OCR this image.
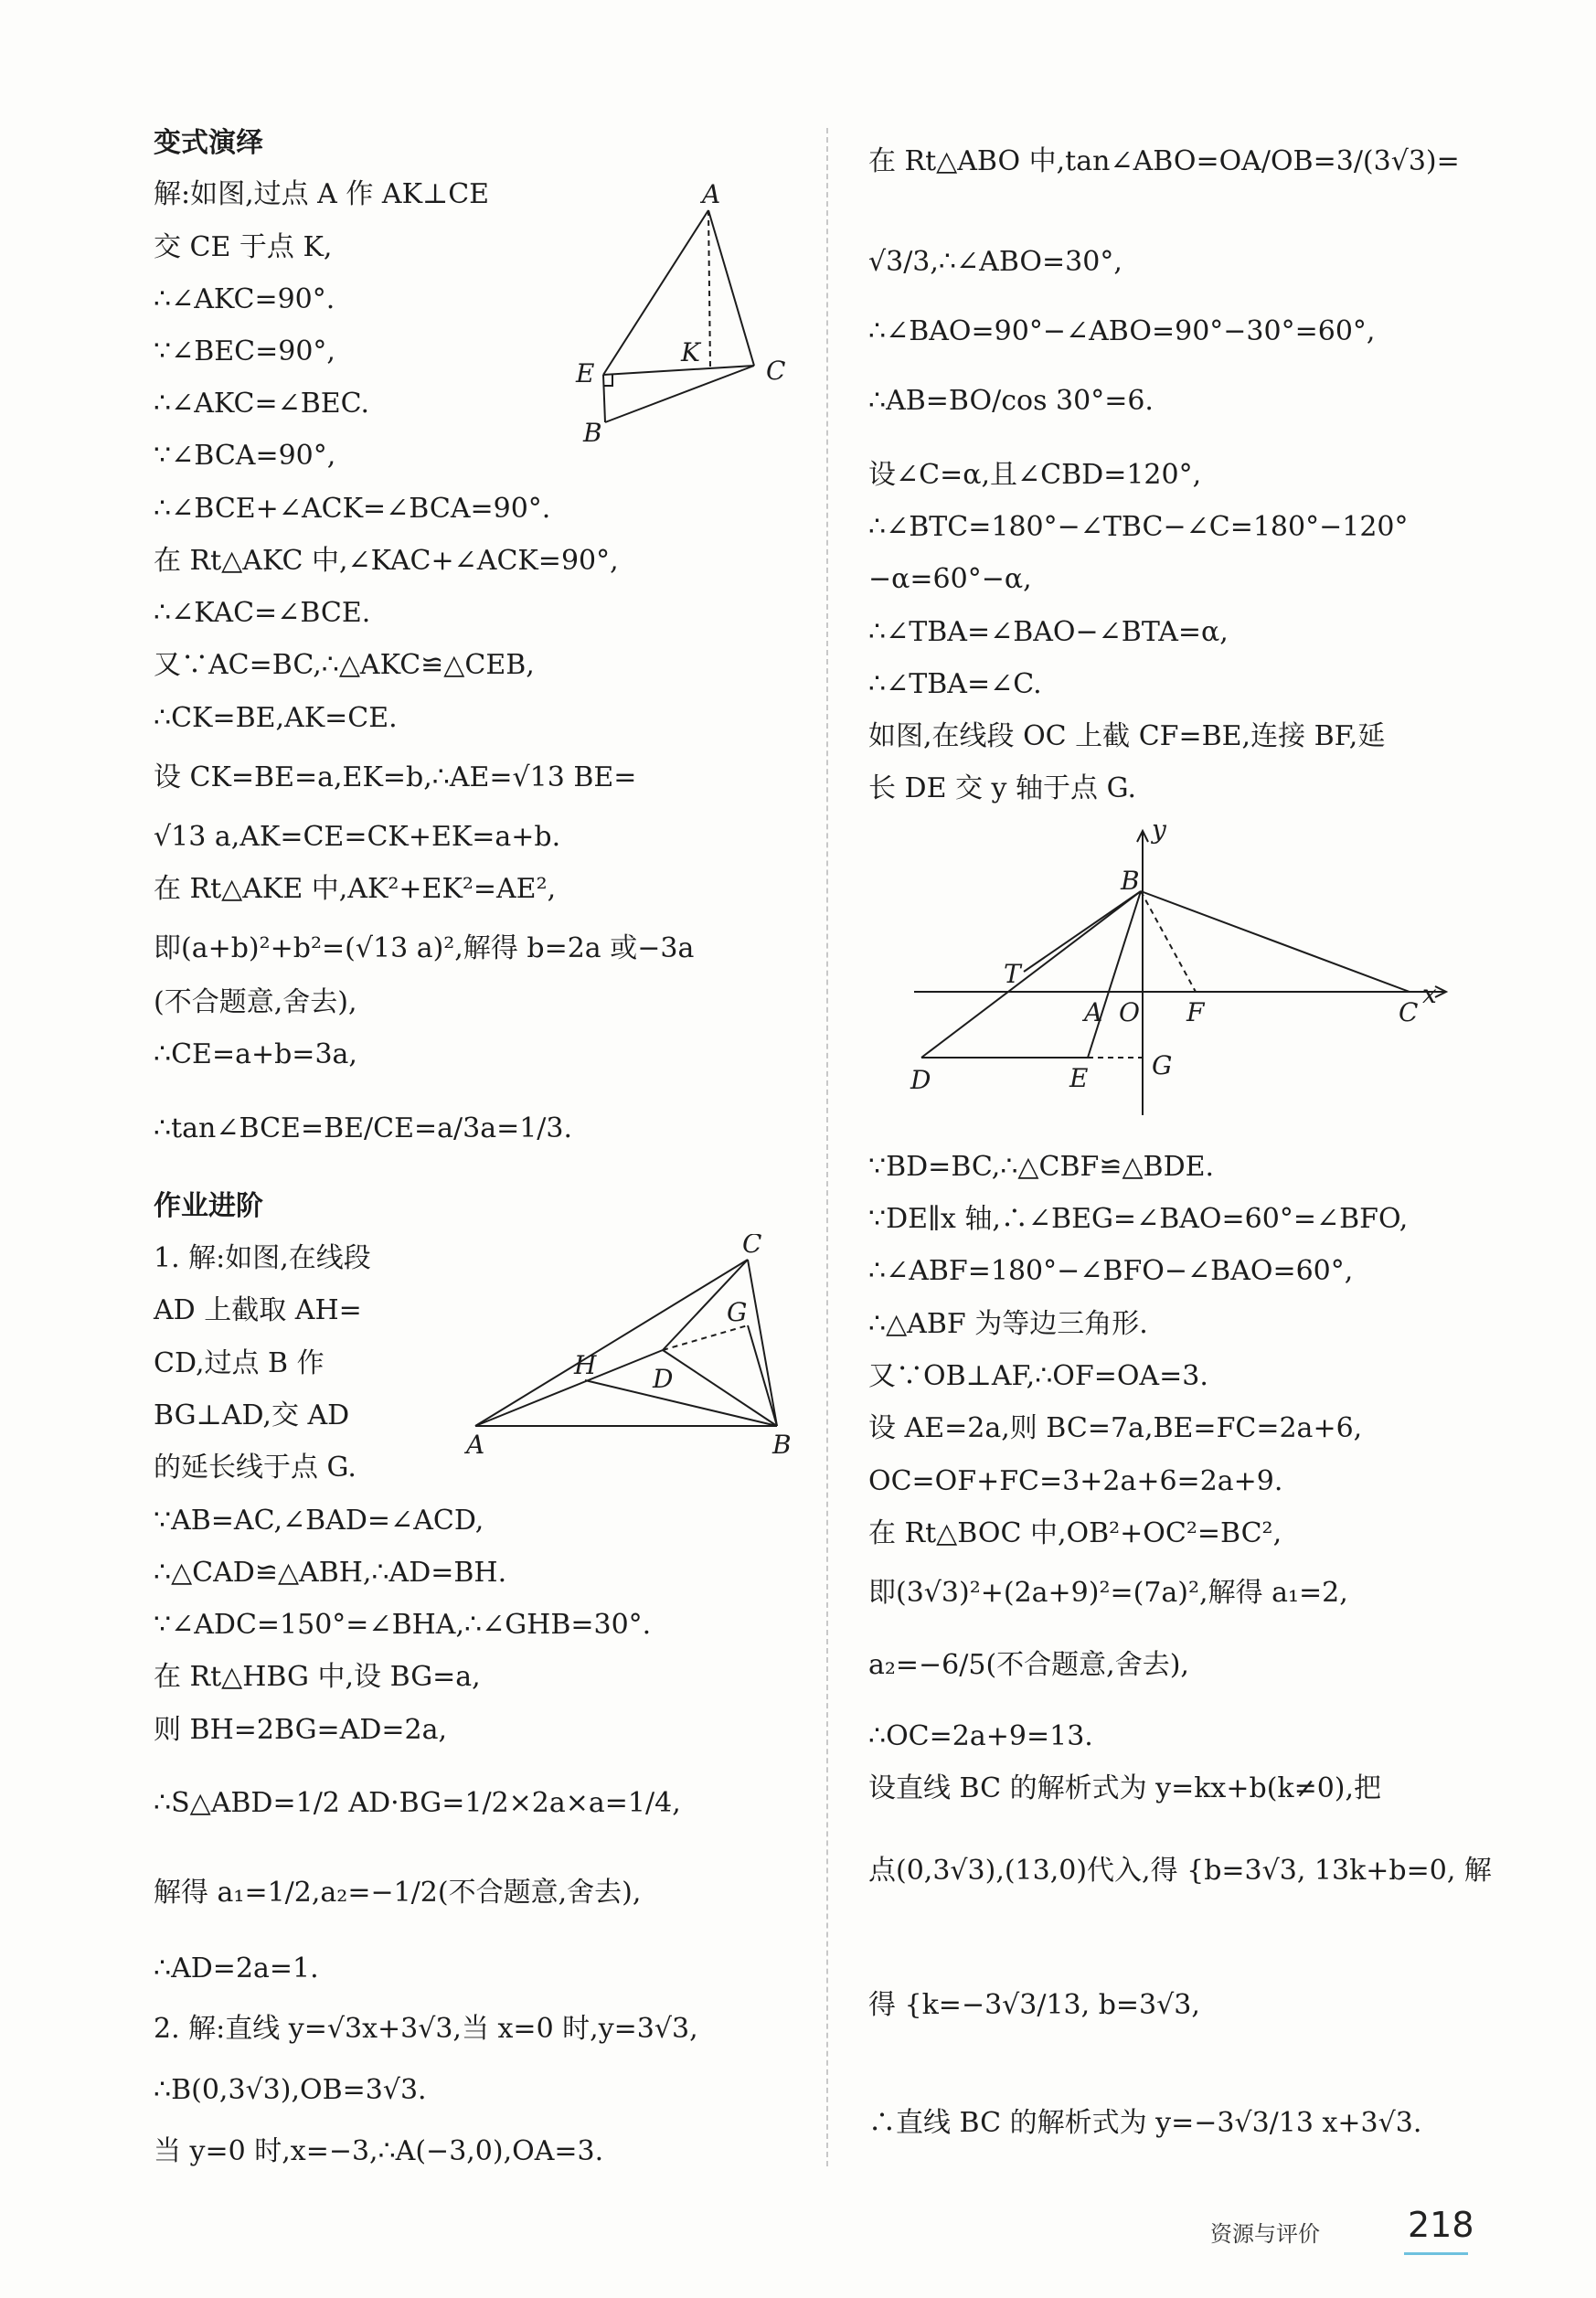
变式演绎
解:如图,过点 A 作 AK⊥CE
交 CE 于点 K,
∴∠AKC=90°.
∵∠BEC=90°,
∴∠AKC=∠BEC.
∵∠BCA=90°,
∴∠BCE+∠ACK=∠BCA=90°.
在 Rt△AKC 中,∠KAC+∠ACK=90°,
∴∠KAC=∠BCE.
又∵AC=BC,∴△AKC≌△CEB,
∴CK=BE,AK=CE.
设 CK=BE=a,EK=b,∴AE=√13 BE=
√13 a,AK=CE=CK+EK=a+b.
在 Rt△AKE 中,AK²+EK²=AE²,
即(a+b)²+b²=(√13 a)²,解得 b=2a 或−3a
(不合题意,舍去),
∴CE=a+b=3a,
∴tan∠BCE=BE/CE=a/3a=1/3.
作业进阶
1. 解:如图,在线段
AD 上截取 AH=
CD,过点 B 作
BG⊥AD,交 AD
的延长线于点 G.
∵AB=AC,∠BAD=∠ACD,
∴△CAD≌△ABH,∴AD=BH.
∵∠ADC=150°=∠BHA,∴∠GHB=30°.
在 Rt△HBG 中,设 BG=a,
则 BH=2BG=AD=2a,
∴S△ABD=1/2 AD·BG=1/2×2a×a=1/4,
解得 a₁=1/2,a₂=−1/2(不合题意,舍去),
∴AD=2a=1.
2. 解:直线 y=√3x+3√3,当 x=0 时,y=3√3,
∴B(0,3√3),OB=3√3.
当 y=0 时,x=−3,∴A(−3,0),OA=3.
在 Rt△ABO 中,tan∠ABO=OA/OB=3/(3√3)=
√3/3,∴∠ABO=30°,
∴∠BAO=90°−∠ABO=90°−30°=60°,
∴AB=BO/cos 30°=6.
设∠C=α,且∠CBD=120°,
∴∠BTC=180°−∠TBC−∠C=180°−120°
−α=60°−α,
∴∠TBA=∠BAO−∠BTA=α,
∴∠TBA=∠C.
如图,在线段 OC 上截 CF=BE,连接 BF,延
长 DE 交 y 轴于点 G.
∵BD=BC,∴△CBF≌△BDE.
∵DE∥x 轴,∴∠BEG=∠BAO=60°=∠BFO,
∴∠ABF=180°−∠BFO−∠BAO=60°,
∴△ABF 为等边三角形.
又∵OB⊥AF,∴OF=OA=3.
设 AE=2a,则 BC=7a,BE=FC=2a+6,
OC=OF+FC=3+2a+6=2a+9.
在 Rt△BOC 中,OB²+OC²=BC²,
即(3√3)²+(2a+9)²=(7a)²,解得 a₁=2,
a₂=−6/5(不合题意,舍去),
∴OC=2a+9=13.
设直线 BC 的解析式为 y=kx+b(k≠0),把
点(0,3√3),(13,0)代入,得 {b=3√3, 13k+b=0, 解
得 {k=−3√3/13, b=3√3,
∴直线 BC 的解析式为 y=−3√3/13 x+3√3.
A
K
E	C
B
C
G
H D
A	B
y
B
T
A O F	C
x
D	E G
资源与评价	218
